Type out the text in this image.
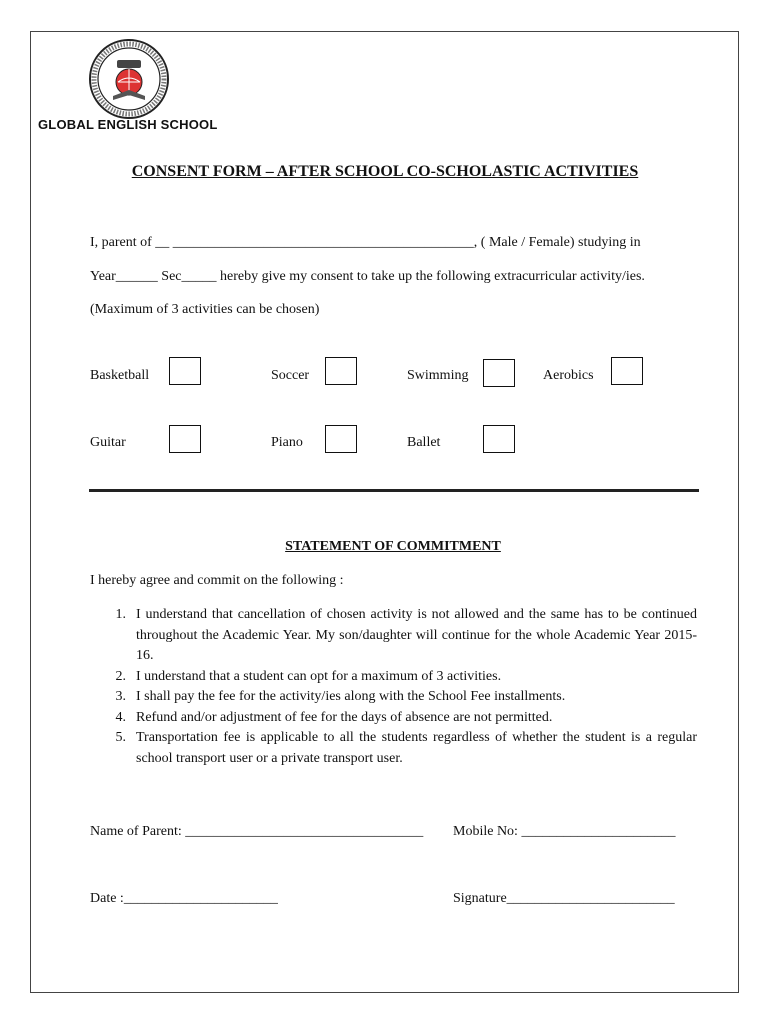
GLOBAL ENGLISH SCHOOL
CONSENT FORM – AFTER SCHOOL CO-SCHOLASTIC ACTIVITIES
I, parent of __ ___________________________________________, ( Male / Female) studying in
Year______ Sec_____ hereby give my consent to take up the following extracurricular activity/ies.
(Maximum of 3 activities can be chosen)
Basketball	Soccer	Swimming	Aerobics
Guitar	Piano	Ballet
STATEMENT OF COMMITMENT
I hereby agree and commit on the following :
1. I understand that cancellation of chosen activity is not allowed and the same has to be continued throughout the Academic Year. My son/daughter will continue for the whole Academic Year 2015-16.
2. I understand that a student can opt for a maximum of 3 activities.
3. I shall pay the fee for the activity/ies along with the School Fee installments.
4. Refund and/or adjustment of fee for the days of absence are not permitted.
5. Transportation fee is applicable to all the students regardless of whether the student is a regular school transport user or a private transport user.
Name of Parent: __________________________________ Mobile No: ______________________
Date :______________________	Signature________________________
